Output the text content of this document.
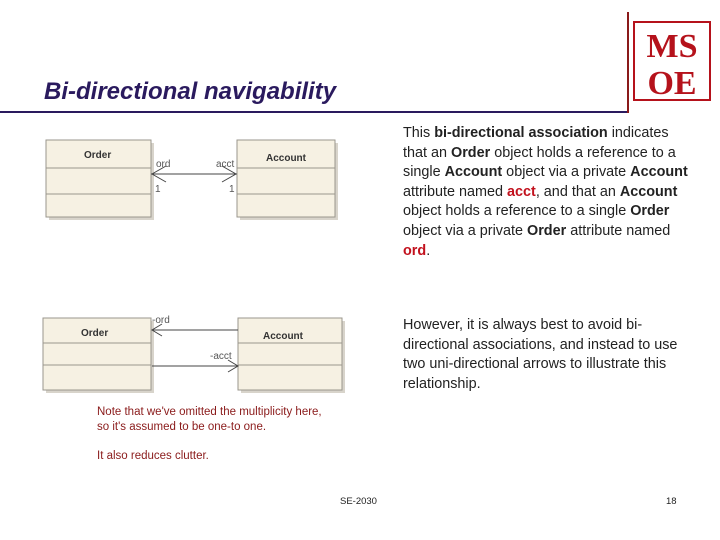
Bi-directional navigability
MS
OE
Order	Account
ord
1
acct
1
Order	Account
-ord
-acct
This bi-directional association indicates that an Order object holds a reference to a single Account object via a private Account attribute named acct, and that an Account object holds a reference to a single Order object via a private Order attribute named ord.
However, it is always best to avoid bi-directional associations, and instead to use two uni-directional arrows to illustrate this relationship.
Note that we've omitted the multiplicity here, so it's assumed to be one-to one.
It also reduces clutter.
SE-2030	18
